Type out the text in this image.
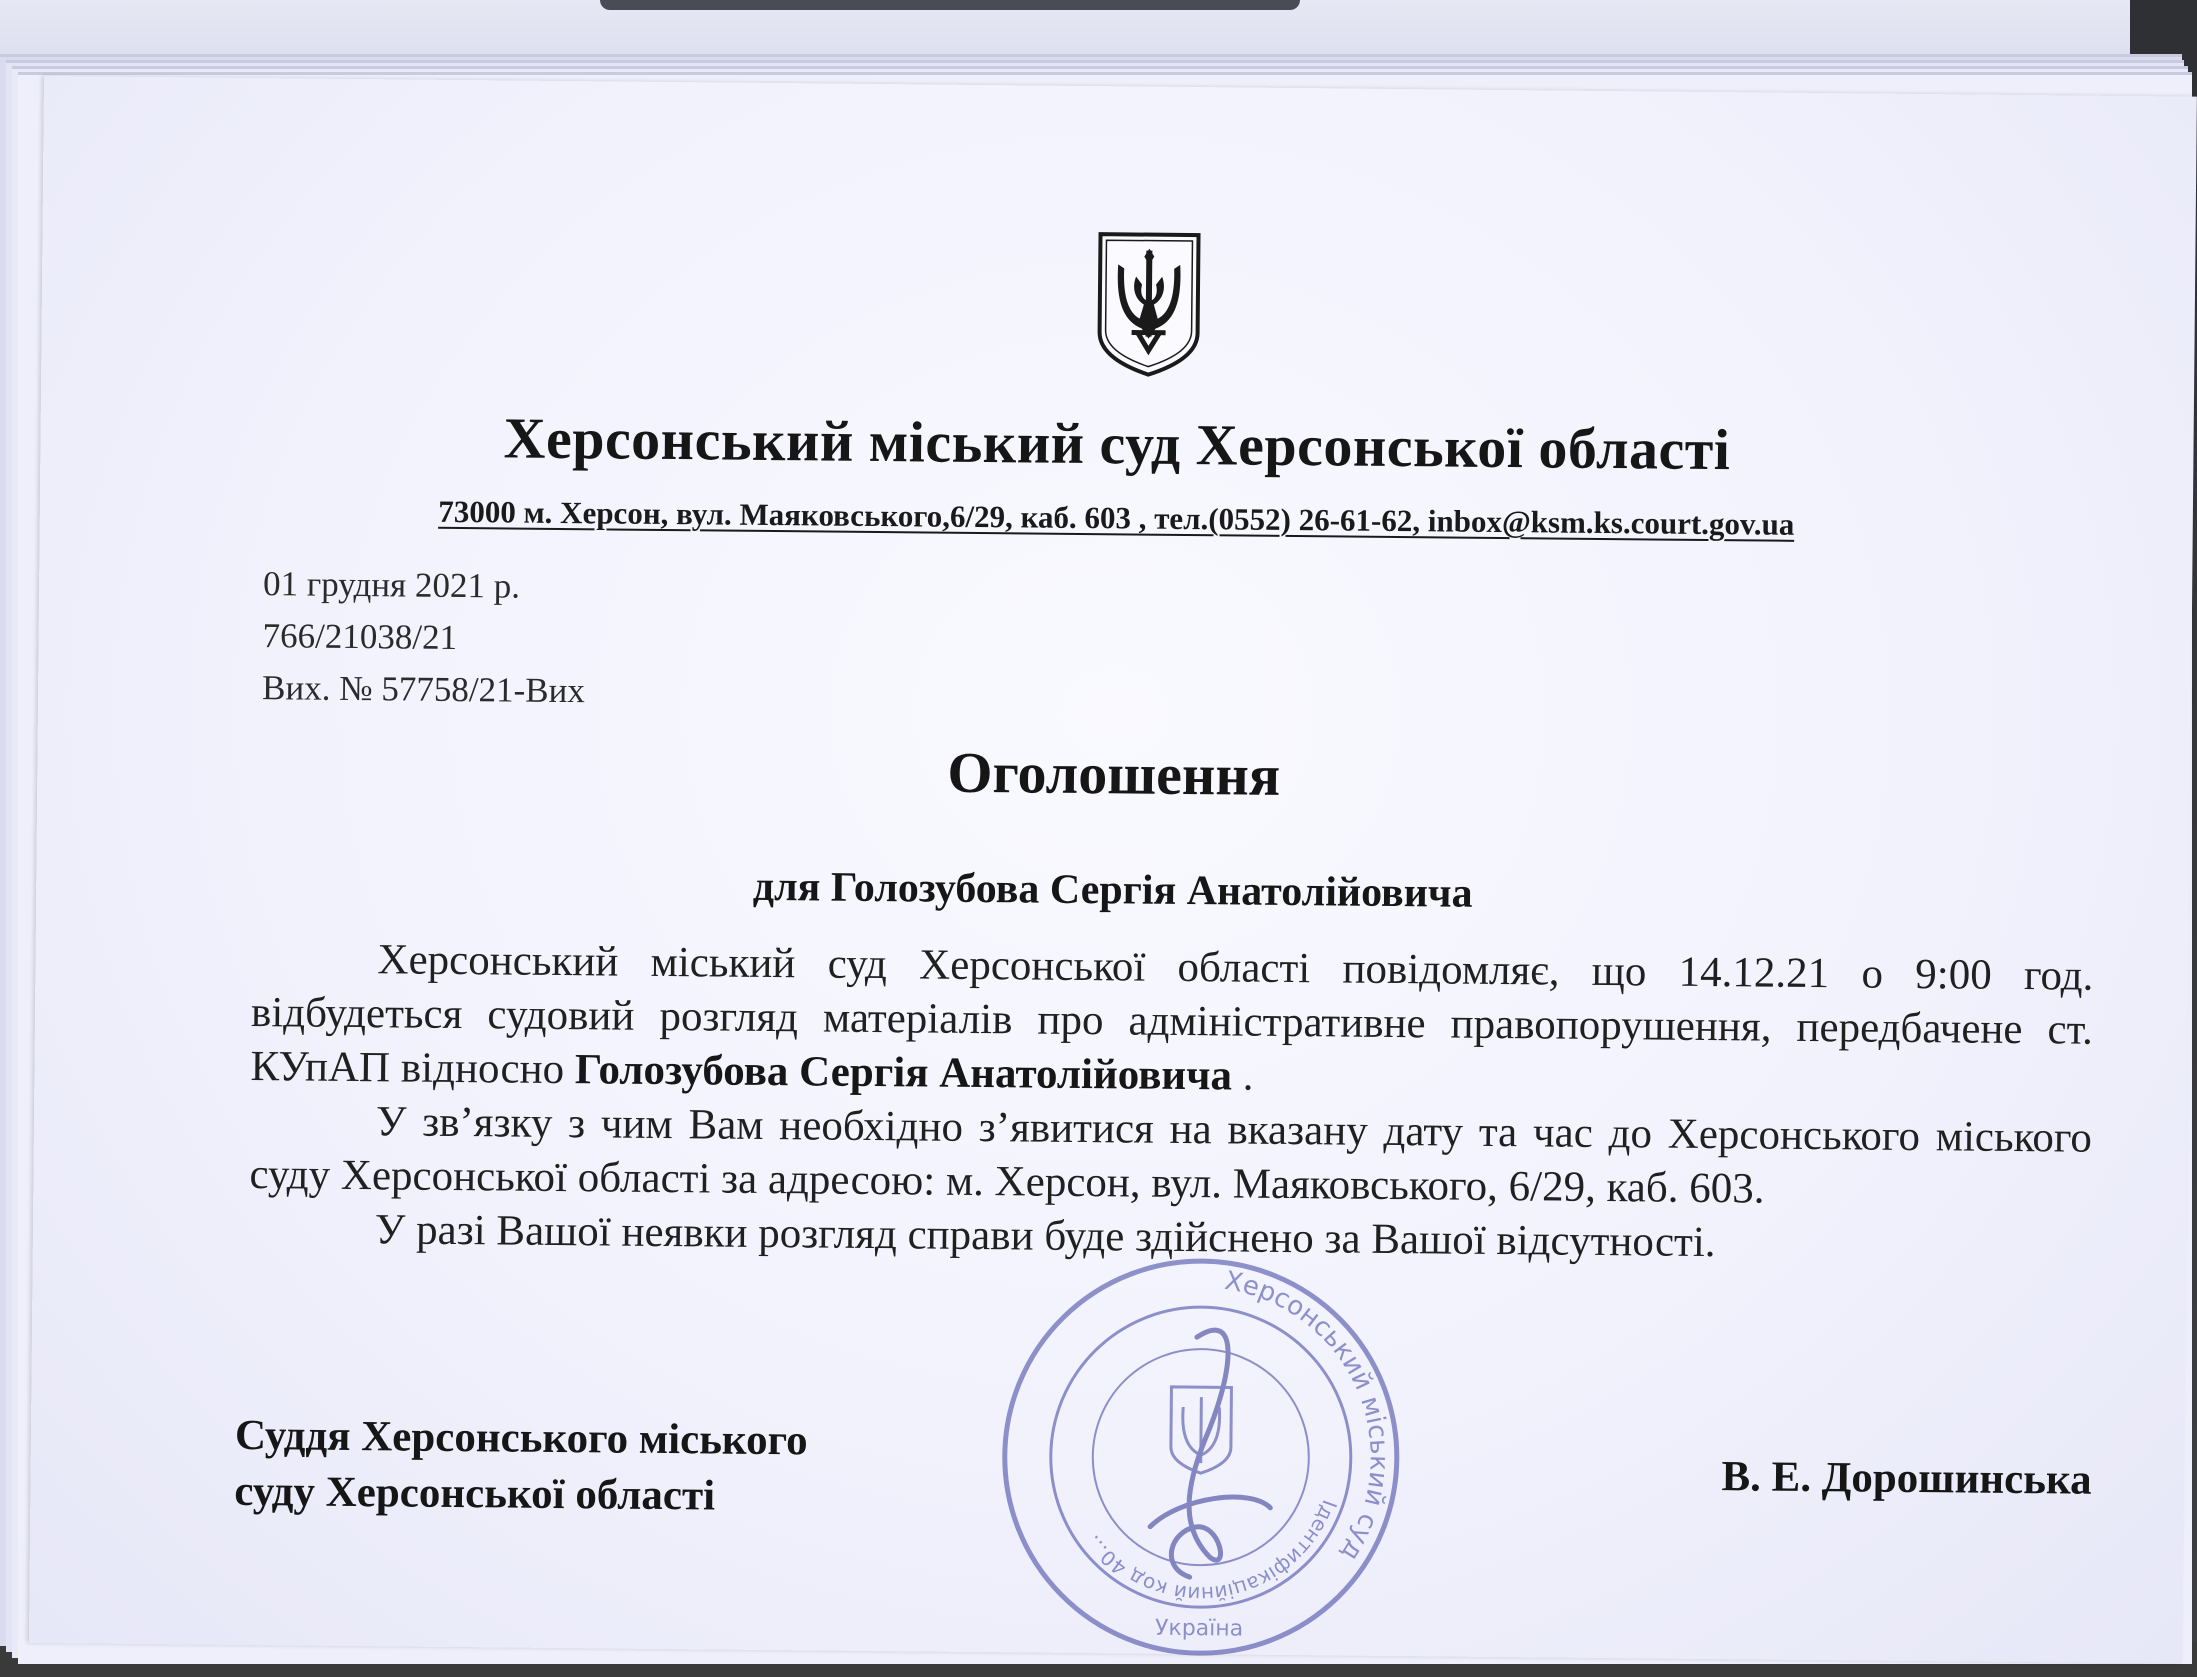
Херсонський міський суд Херсонської області
73000 м. Херсон, вул. Маяковського,6/29, каб. 603 , тел.(0552) 26-61-62, inbox@ksm.ks.court.gov.ua
01 грудня 2021 р.
766/21038/21
Вих. № 57758/21-Вих
Оголошення
для Голозубова Сергія Анатолійовича

Херсонський міський суд Херсонської області повідомляє, що 14.12.21 о 9:00 год. відбудеться судовий розгляд матеріалів про адміністративне правопорушення, передбачене ст. КУпАП відносно Голозубова Сергія Анатолійовича .

У зв’язку з чим Вам необхідно з’явитися на вказану дату та час до Херсонського міського суду Херсонської області за адресою: м. Херсон, вул. Маяковського, 6/29, каб. 603.

У разі Вашої неявки розгляд справи буде здійснено за Вашої відсутності.

Суддя Херсонського міського
суду Херсонської області	В. Е. Дорошинська
Херсонський міський суд
Ідентифікаційний код 40…
Україна
